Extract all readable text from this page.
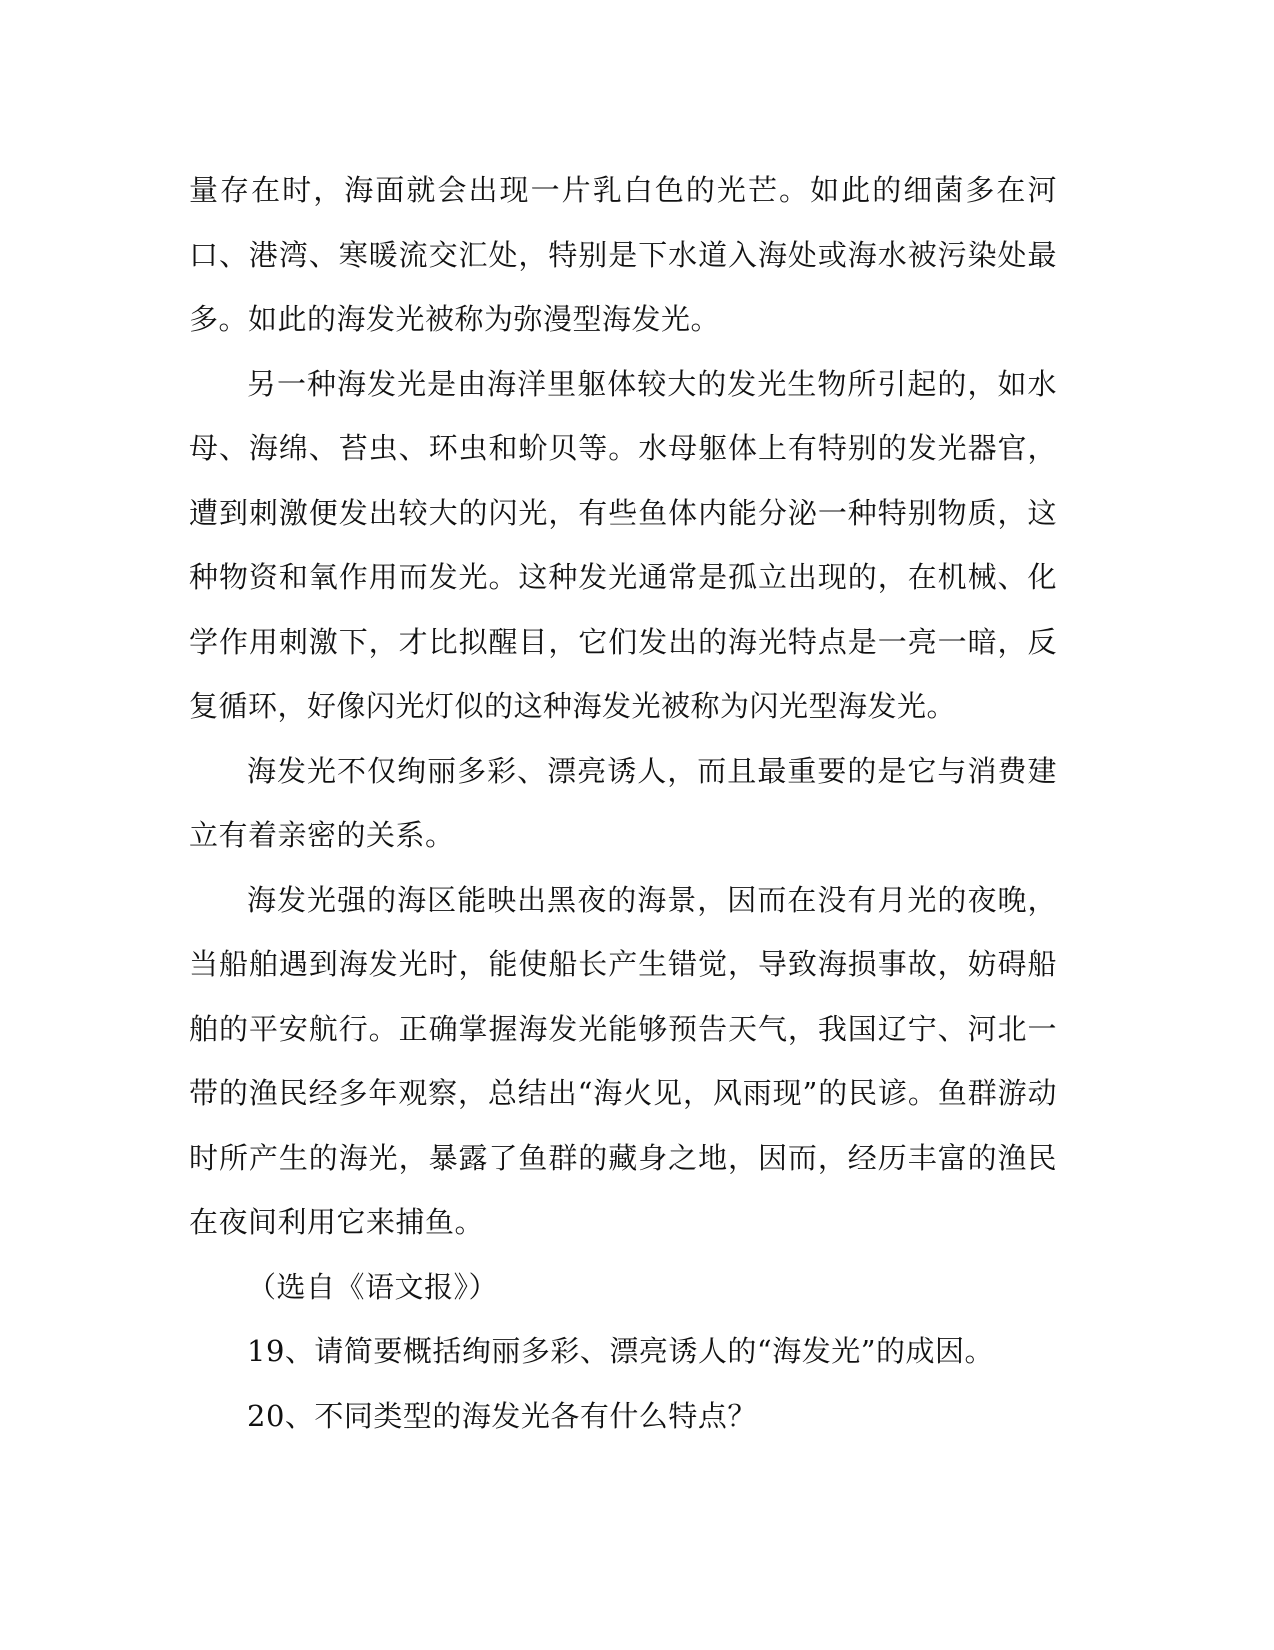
量存在时，海面就会出现一片乳白色的光芒。如此的细菌多在河口、港湾、寒暖流交汇处，特别是下水道入海处或海水被污染处最多。如此的海发光被称为弥漫型海发光。

另一种海发光是由海洋里躯体较大的发光生物所引起的，如水母、海绵、苔虫、环虫和蚧贝等。水母躯体上有特别的发光器官，遭到刺激便发出较大的闪光，有些鱼体内能分泌一种特别物质，这种物资和氧作用而发光。这种发光通常是孤立出现的，在机械、化学作用刺激下，才比拟醒目，它们发出的海光特点是一亮一暗，反复循环，好像闪光灯似的这种海发光被称为闪光型海发光。

海发光不仅绚丽多彩、漂亮诱人，而且最重要的是它与消费建立有着亲密的关系。

海发光强的海区能映出黑夜的海景，因而在没有月光的夜晚，当船舶遇到海发光时，能使船长产生错觉，导致海损事故，妨碍船舶的平安航行。正确掌握海发光能够预告天气，我国辽宁、河北一带的渔民经多年观察，总结出“海火见，风雨现”的民谚。鱼群游动时所产生的海光，暴露了鱼群的藏身之地，因而，经历丰富的渔民在夜间利用它来捕鱼。

（选自《语文报》）

19、请简要概括绚丽多彩、漂亮诱人的“海发光”的成因。

20、不同类型的海发光各有什么特点？
